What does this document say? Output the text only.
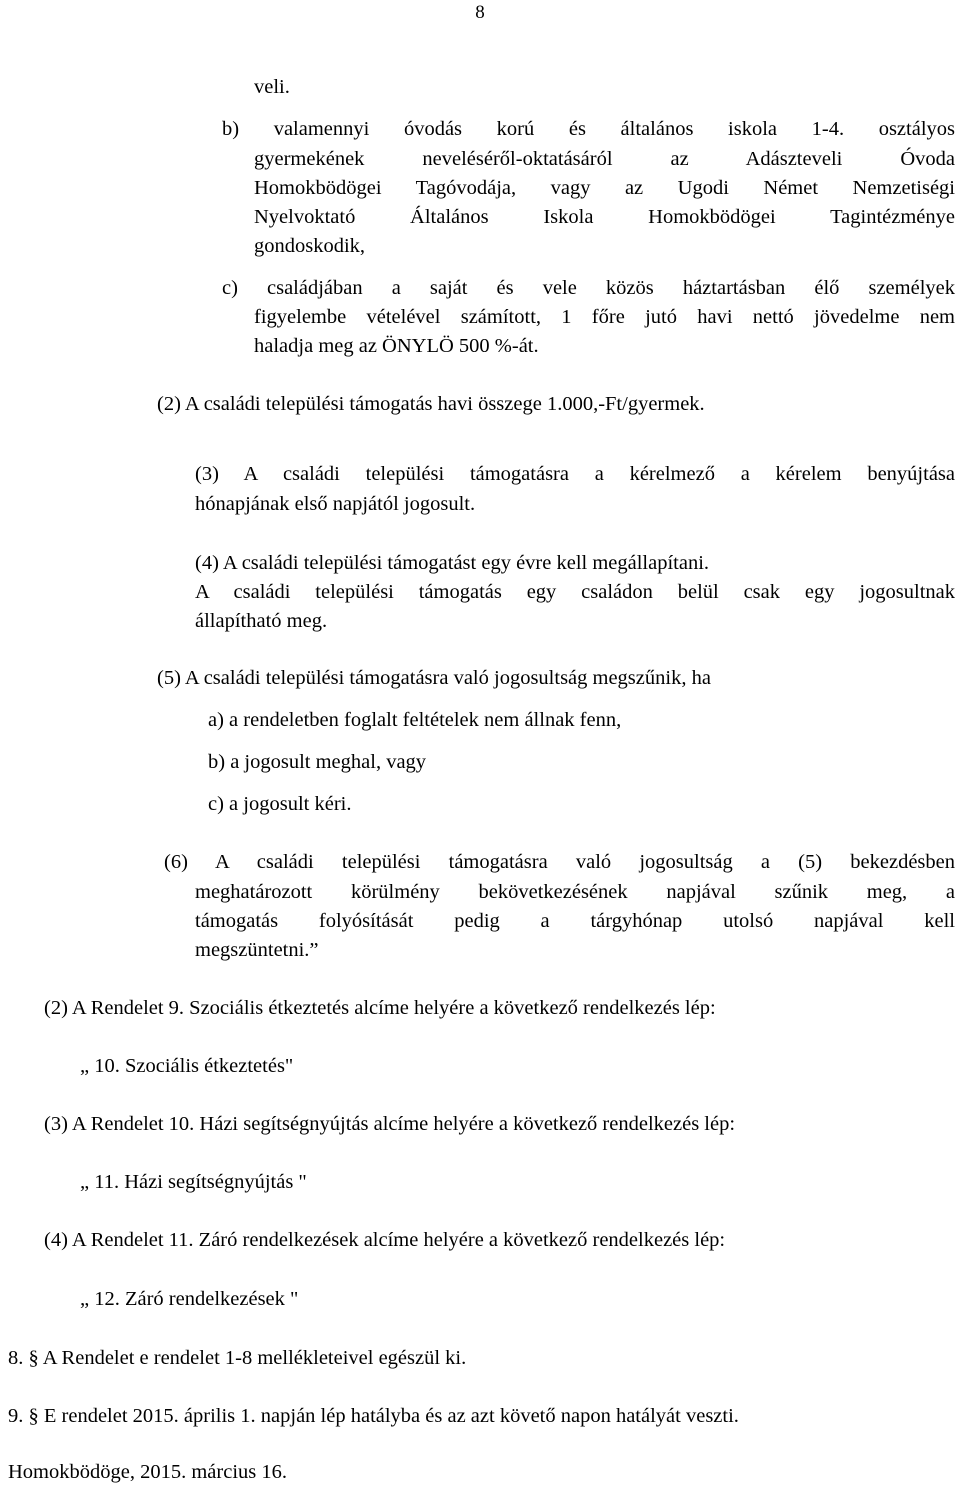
8
veli.
b) valamennyi óvodás korú és általános iskola 1-4. osztályos
gyermekének neveléséről-oktatásáról az Adászteveli Óvoda
Homokbödögei Tagóvodája, vagy az Ugodi Német Nemzetiségi
Nyelvoktató Általános Iskola Homokbödögei Tagintézménye
gondoskodik,
c) családjában a saját és vele közös háztartásban élő személyek
figyelembe vételével számított, 1 főre jutó havi nettó jövedelme nem
haladja meg az ÖNYLÖ 500 %-át.
(2) A családi települési támogatás havi összege 1.000,-Ft/gyermek.
(3) A családi települési támogatásra a kérelmező a kérelem benyújtása
hónapjának első napjától jogosult.
(4) A családi települési támogatást egy évre kell megállapítani.
A családi települési támogatás egy családon belül csak egy jogosultnak
állapítható meg.
(5) A családi települési támogatásra való jogosultság megszűnik, ha
a) a rendeletben foglalt feltételek nem állnak fenn,
b) a jogosult meghal, vagy
c) a jogosult kéri.
(6) A családi települési támogatásra való jogosultság a (5) bekezdésben
meghatározott körülmény bekövetkezésének napjával szűnik meg, a
támogatás folyósítását pedig a tárgyhónap utolsó napjával kell
megszüntetni.”
(2) A Rendelet 9. Szociális étkeztetés alcíme helyére a következő rendelkezés lép:
„ 10. Szociális étkeztetés"
(3) A Rendelet 10. Házi segítségnyújtás alcíme helyére a következő rendelkezés lép:
„ 11. Házi segítségnyújtás "
(4) A Rendelet 11. Záró rendelkezések alcíme helyére a következő rendelkezés lép:
„ 12. Záró rendelkezések "
8. § A Rendelet e rendelet 1-8 mellékleteivel egészül ki.
9. § E rendelet 2015. április 1. napján lép hatályba és az azt követő napon hatályát veszti.
Homokbödöge, 2015. március 16.
